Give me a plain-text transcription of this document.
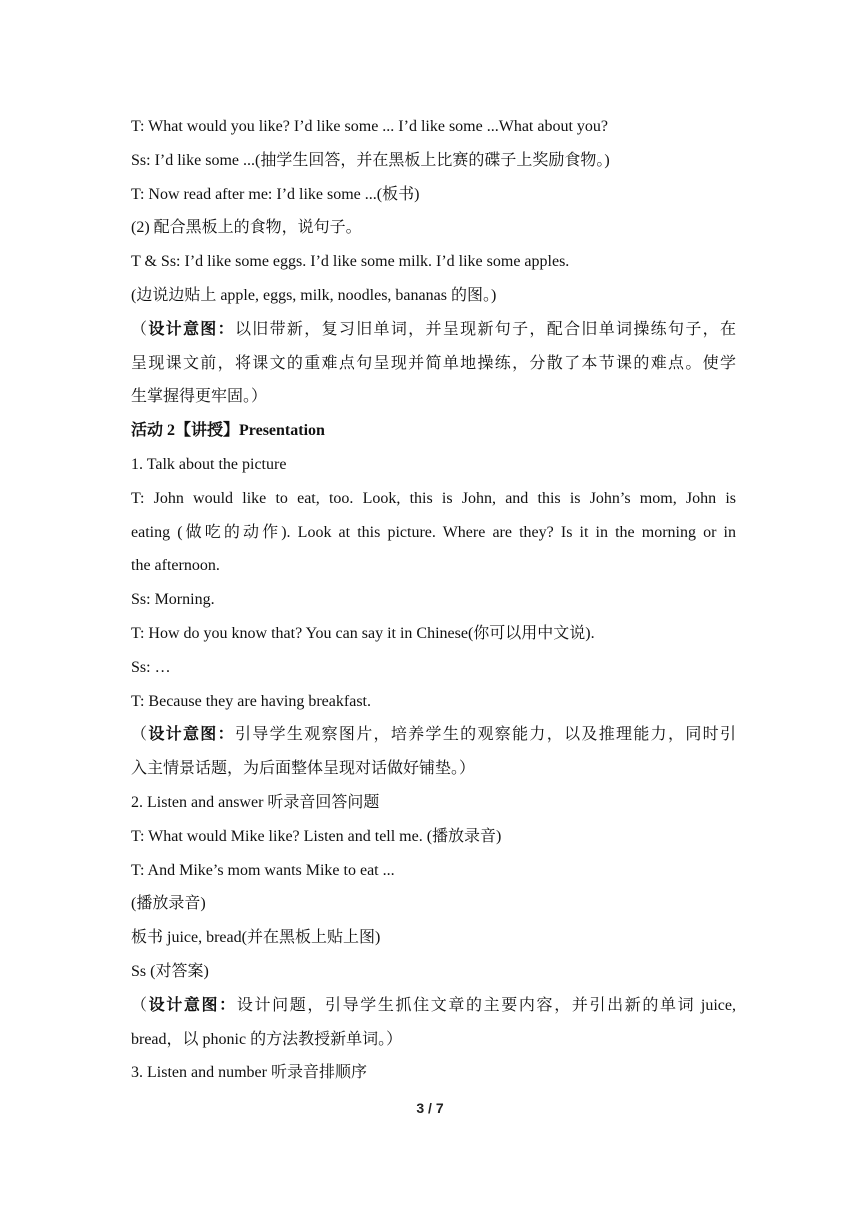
T: What would you like? I’d like some ... I’d like some ...What about you?
Ss: I’d like some ...(抽学生回答，并在黑板上比赛的碟子上奖励食物。)
T: Now read after me: I’d like some ...(板书)
(2) 配合黑板上的食物，说句子。
T & Ss: I’d like some eggs. I’d like some milk. I’d like some apples.
(边说边贴上 apple, eggs, milk, noodles, bananas 的图。)
（设计意图：以旧带新，复习旧单词，并呈现新句子，配合旧单词操练句子，在
呈现课文前，将课文的重难点句呈现并简单地操练，分散了本节课的难点。使学
生掌握得更牢固。）
活动 2【讲授】Presentation
1. Talk about the picture
T: John would like to eat, too. Look, this is John, and this is John’s mom, John is
eating (做吃的动作). Look at this picture. Where are they? Is it in the morning or in
the afternoon.
Ss: Morning.
T: How do you know that? You can say it in Chinese(你可以用中文说).
Ss: …
T: Because they are having breakfast.
（设计意图：引导学生观察图片，培养学生的观察能力，以及推理能力，同时引
入主情景话题，为后面整体呈现对话做好铺垫。）
2. Listen and answer 听录音回答问题
T: What would Mike like? Listen and tell me. (播放录音)
T: And Mike’s mom wants Mike to eat ...
(播放录音)
板书 juice, bread(并在黑板上贴上图)
Ss (对答案)
（设计意图：设计问题，引导学生抓住文章的主要内容，并引出新的单词 juice,
bread，以 phonic 的方法教授新单词。）
3. Listen and number 听录音排顺序
3 / 7
